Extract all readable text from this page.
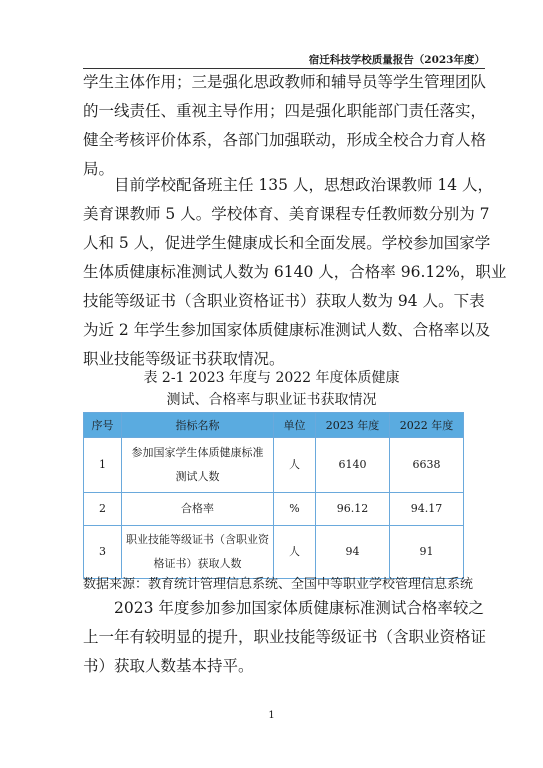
宿迁科技学校质量报告（2023年度）

学生主体作用；三是强化思政教师和辅导员等学生管理团队
的一线责任、重视主导作用；四是强化职能部门责任落实，
健全考核评价体系，各部门加强联动，形成全校合力育人格
局。

目前学校配备班主任 135 人，思想政治课教师 14 人，
美育课教师 5 人。学校体育、美育课程专任教师数分别为 7
人和 5 人，促进学生健康成长和全面发展。学校参加国家学
生体质健康标准测试人数为 6140 人，合格率 96.12%，职业
技能等级证书（含职业资格证书）获取人数为 94 人。下表
为近 2 年学生参加国家体质健康标准测试人数、合格率以及
职业技能等级证书获取情况。

表 2-1 2023 年度与 2022 年度体质健康
测试、合格率与职业证书获取情况
序号	指标名称	单位	2023 年度	2022 年度
1	参加国家学生体质健康标准
测试人数	人	6140	6638
2	合格率	%	96.12	94.17
3	职业技能等级证书（含职业资
格证书）获取人数	人	94	91
数据来源：教育统计管理信息系统、全国中等职业学校管理信息系统

2023 年度参加参加国家体质健康标准测试合格率较之
上一年有较明显的提升，职业技能等级证书（含职业资格证
书）获取人数基本持平。

1
